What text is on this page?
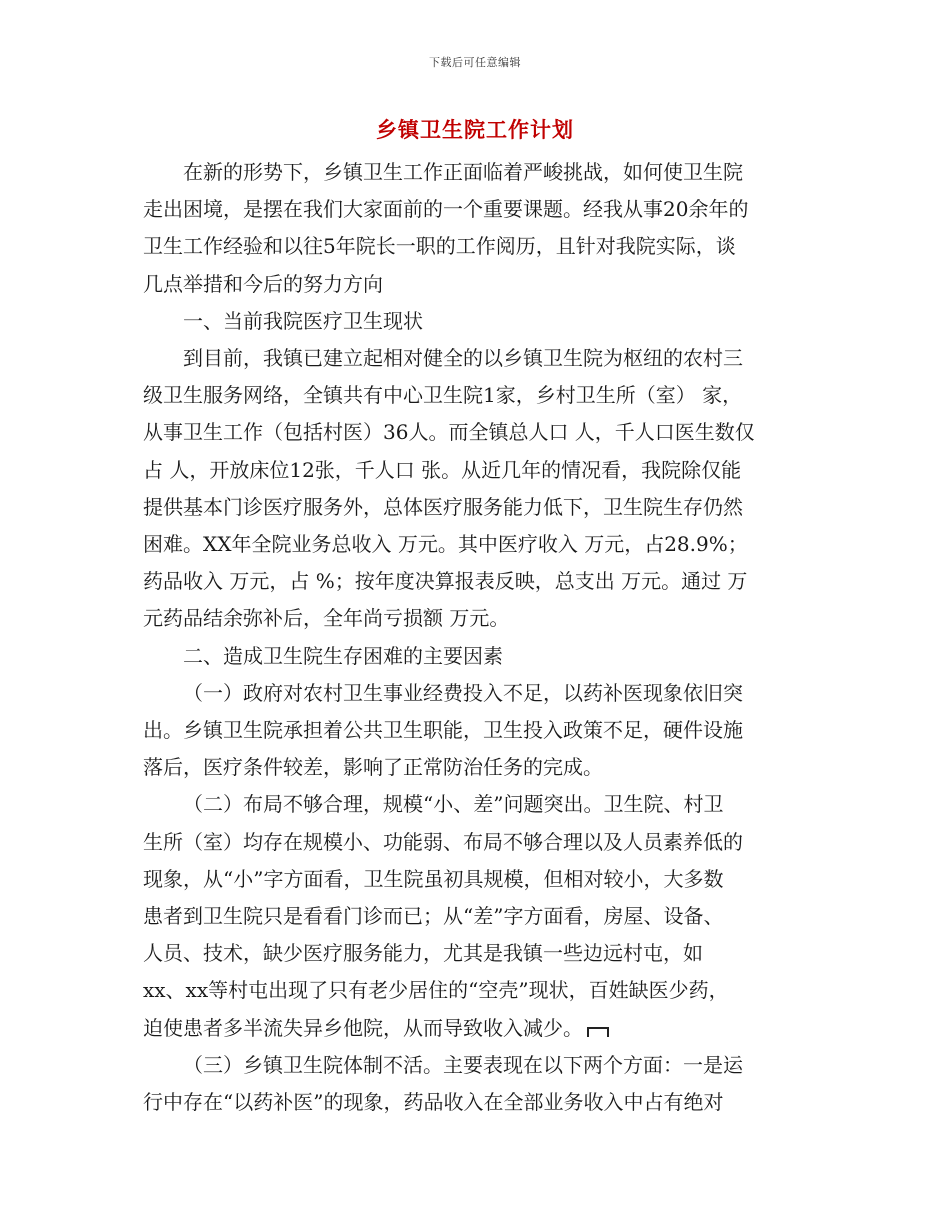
下载后可任意编辑
乡镇卫生院工作计划

在新的形势下，乡镇卫生工作正面临着严峻挑战，如何使卫生院
走出困境，是摆在我们大家面前的一个重要课题。经我从事20余年的
卫生工作经验和以往5年院长一职的工作阅历，且针对我院实际，谈
几点举措和今后的努力方向

一、当前我院医疗卫生现状

到目前，我镇已建立起相对健全的以乡镇卫生院为枢纽的农村三
级卫生服务网络，全镇共有中心卫生院1家，乡村卫生所（室） 家，
从事卫生工作（包括村医）36人。而全镇总人口 人，千人口医生数仅
占 人，开放床位12张，千人口 张。从近几年的情况看，我院除仅能
提供基本门诊医疗服务外，总体医疗服务能力低下，卫生院生存仍然
困难。XX年全院业务总收入 万元。其中医疗收入 万元，占28.9%；
药品收入 万元，占 %；按年度决算报表反映，总支出 万元。通过 万
元药品结余弥补后，全年尚亏损额 万元。

二、造成卫生院生存困难的主要因素

（一）政府对农村卫生事业经费投入不足，以药补医现象依旧突
出。乡镇卫生院承担着公共卫生职能，卫生投入政策不足，硬件设施
落后，医疗条件较差，影响了正常防治任务的完成。

（二）布局不够合理，规模“小、差”问题突出。卫生院、村卫
生所（室）均存在规模小、功能弱、布局不够合理以及人员素养低的
现象，从“小”字方面看，卫生院虽初具规模，但相对较小，大多数
患者到卫生院只是看看门诊而已；从“差”字方面看，房屋、设备、
人员、技术，缺少医疗服务能力，尤其是我镇一些边远村屯，如
xx、xx等村屯出现了只有老少居住的“空壳”现状，百姓缺医少药，
迫使患者多半流失异乡他院，从而导致收入减少。

（三）乡镇卫生院体制不活。主要表现在以下两个方面：一是运
行中存在“以药补医”的现象，药品收入在全部业务收入中占有绝对
